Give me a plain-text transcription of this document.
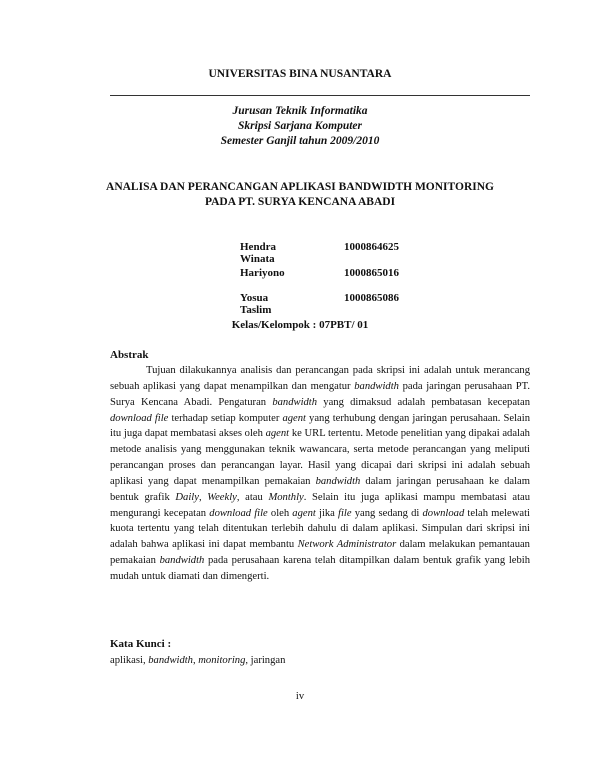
UNIVERSITAS BINA NUSANTARA
Jurusan Teknik Informatika
Skripsi Sarjana Komputer
Semester Ganjil tahun 2009/2010
ANALISA DAN PERANCANGAN APLIKASI BANDWIDTH MONITORING
PADA PT. SURYA KENCANA ABADI
Hendra Winata
1000864625
Hariyono	1000865016
Yosua Taslim
1000865086
Kelas/Kelompok : 07PBT/ 01
Abstrak
Tujuan dilakukannya analisis dan perancangan pada skripsi ini adalah untuk merancang sebuah aplikasi yang dapat menampilkan dan mengatur bandwidth pada jaringan perusahaan PT. Surya Kencana Abadi. Pengaturan bandwidth yang dimaksud adalah pembatasan kecepatan download file terhadap setiap komputer agent yang terhubung dengan jaringan perusahaan. Selain itu juga dapat membatasi akses oleh agent ke URL tertentu. Metode penelitian yang dipakai adalah metode analisis yang menggunakan teknik wawancara, serta metode perancangan yang meliputi perancangan proses dan perancangan layar. Hasil yang dicapai dari skripsi ini adalah sebuah aplikasi yang dapat menampilkan pemakaian bandwidth dalam jaringan perusahaan ke dalam bentuk grafik Daily, Weekly, atau Monthly. Selain itu juga aplikasi mampu membatasi atau mengurangi kecepatan download file oleh agent jika file yang sedang di download telah melewati kuota tertentu yang telah ditentukan terlebih dahulu di dalam aplikasi. Simpulan dari skripsi ini adalah bahwa aplikasi ini dapat membantu Network Administrator dalam melakukan pemantauan pemakaian bandwidth pada perusahaan karena telah ditampilkan dalam bentuk grafik yang lebih mudah untuk diamati dan dimengerti.
Kata Kunci :
aplikasi, bandwidth, monitoring, jaringan
iv
